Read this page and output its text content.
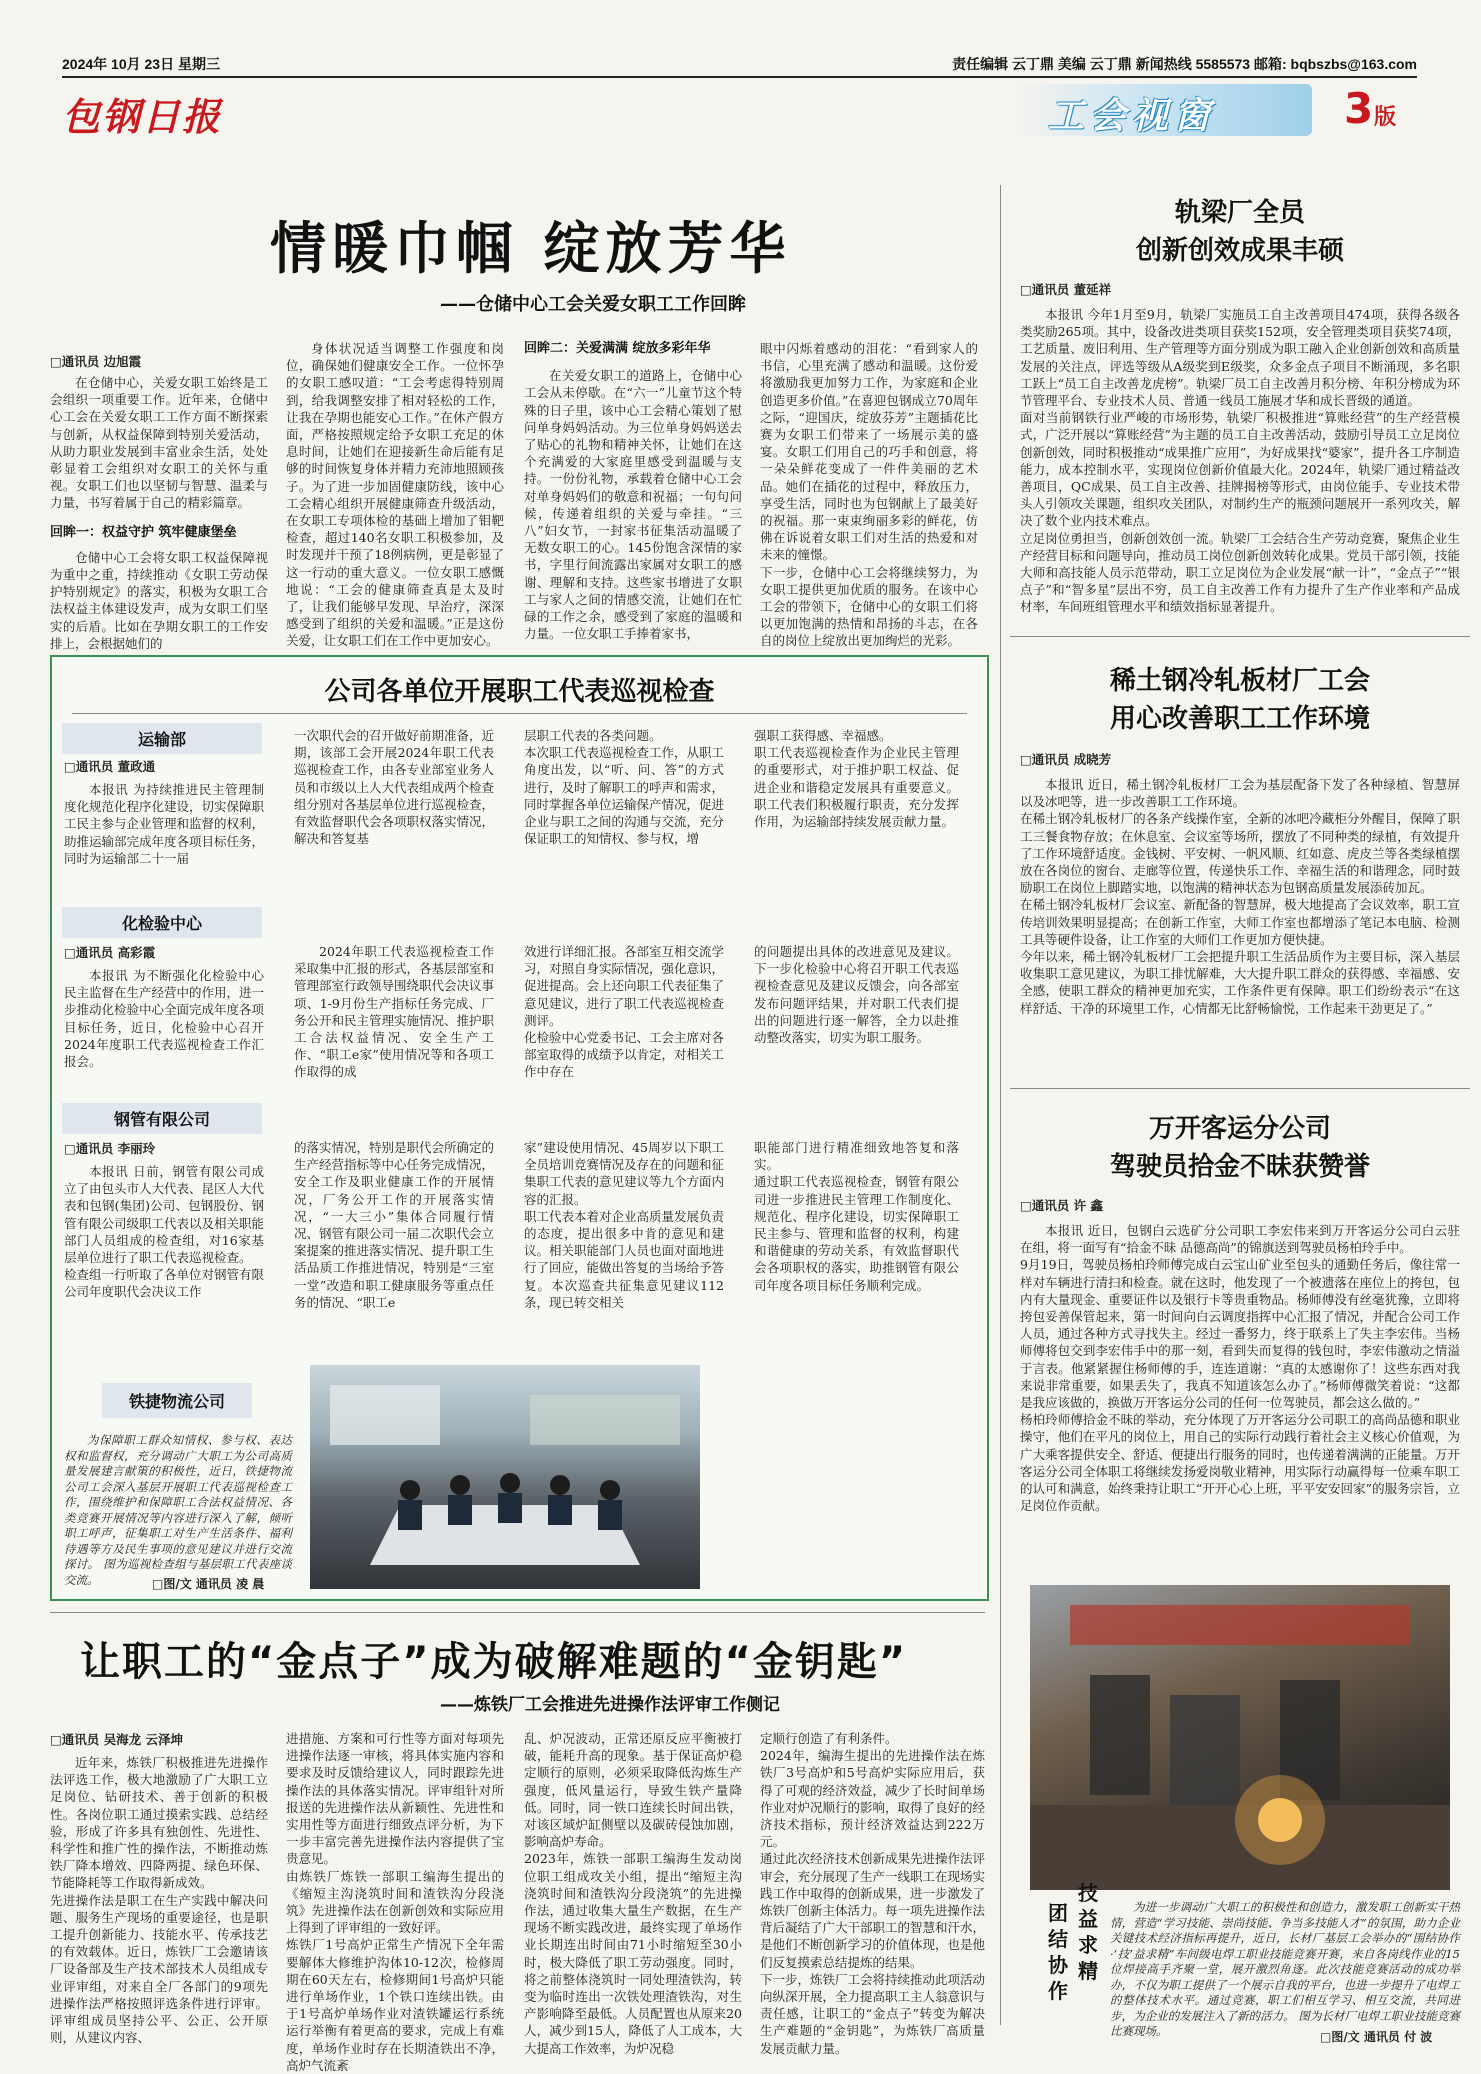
2024年 10月 23日 星期三	责任编辑 云丁鼎 美编 云丁鼎 新闻热线 5585573 邮箱: bqbszbs@163.com
包钢日报	工会视窗	3 版
情暖巾帼 绽放芳华
——仓储中心工会关爱女职工工作回眸
□通讯员 边旭霞

在仓储中心，关爱女职工始终是工会组织一项重要工作。近年来，仓储中心工会在关爱女职工工作方面不断探索与创新，从权益保障到特别关爱活动，从助力职业发展到丰富业余生活，处处彰显着工会组织对女职工的关怀与重视。女职工们也以坚韧与智慧、温柔与力量，书写着属于自己的精彩篇章。

回眸一：权益守护 筑牢健康堡垒

仓储中心工会将女职工权益保障视为重中之重，持续推动《女职工劳动保护特别规定》的落实，积极为女职工合法权益主体建设发声，成为女职工们坚实的后盾。比如在孕期女职工的工作安排上，会根据她们的

身体状况适当调整工作强度和岗位，确保她们健康安全工作。一位怀孕的女职工感叹道：“工会考虑得特别周到，给我调整安排了相对轻松的工作，让我在孕期也能安心工作。”在休产假方面，严格按照规定给予女职工充足的休息时间，让她们在迎接新生命后能有足够的时间恢复身体并精力充沛地照顾孩子。为了进一步加固健康防线，该中心工会精心组织开展健康筛查升级活动，在女职工专项体检的基础上增加了钼靶检查，超过140名女职工积极参加，及时发现并干预了18例病例，更是彰显了这一行动的重大意义。一位女职工感慨地说：“工会的健康筛查真是太及时了，让我们能够早发现、早治疗，深深感受到了组织的关爱和温暖。”正是这份关爱，让女职工们在工作中更加安心。

回眸二：关爱满满 绽放多彩年华

在关爱女职工的道路上，仓储中心工会从未停歇。在“六一”儿童节这个特殊的日子里，该中心工会精心策划了慰问单身妈妈活动。为三位单身妈妈送去了贴心的礼物和精神关怀，让她们在这个充满爱的大家庭里感受到温暖与支持。一份份礼物，承载着仓储中心工会对单身妈妈们的敬意和祝福；一句句问候，传递着组织的关爱与牵挂。“三八”妇女节，一封家书征集活动温暖了无数女职工的心。145份饱含深情的家书，字里行间流露出家属对女职工的感谢、理解和支持。这些家书增进了女职工与家人之间的情感交流，让她们在忙碌的工作之余，感受到了家庭的温暖和力量。一位女职工手捧着家书，

眼中闪烁着感动的泪花：“看到家人的书信，心里充满了感动和温暖。这份爱将激励我更加努力工作，为家庭和企业创造更多价值。”在喜迎包钢成立70周年之际，“迎国庆，绽放芬芳”主题插花比赛为女职工们带来了一场展示美的盛宴。女职工们用自己的巧手和创意，将一朵朵鲜花变成了一件件美丽的艺术品。她们在插花的过程中，释放压力，享受生活，同时也为包钢献上了最美好的祝福。那一束束绚丽多彩的鲜花，仿佛在诉说着女职工们对生活的热爱和对未来的憧憬。
下一步，仓储中心工会将继续努力，为女职工提供更加优质的服务。在该中心工会的带领下，仓储中心的女职工们将以更加饱满的热情和昂扬的斗志，在各自的岗位上绽放出更加绚烂的光彩。

轨梁厂全员
创新创效成果丰硕
□通讯员 董延祥
本报讯 今年1月至9月，轨梁厂实施员工自主改善项目474项，获得各级各类奖励265项。其中，设备改进类项目获奖152项，安全管理类项目获奖74项，工艺质量、废旧利用、生产管理等方面分别成为职工融入企业创新创效和高质量发展的关注点，评选等级从A级奖到E级奖，众多金点子项目不断涌现，多名职工跃上“员工自主改善龙虎榜”。轨梁厂员工自主改善月积分榜、年积分榜成为环节管理平台、专业技术人员、普通一线员工施展才华和成长晋级的通道。
面对当前钢铁行业严峻的市场形势，轨梁厂积极推进“算账经营”的生产经营模式，广泛开展以“算账经营”为主题的员工自主改善活动，鼓励引导员工立足岗位创新创效，同时积极推动“成果推广应用”，为好成果找“婆家”，提升各工序制造能力，成本控制水平，实现岗位创新价值最大化。2024年，轨梁厂通过精益改善项目，QC成果、员工自主改善、挂牌揭榜等形式，由岗位能手、专业技术带头人引领攻关课题，组织攻关团队，对制约生产的瓶颈问题展开一系列攻关，解决了数个业内技术难点。
立足岗位勇担当，创新创效创一流。轨梁厂工会结合生产劳动竞赛，聚焦企业生产经营目标和问题导向，推动员工岗位创新创效转化成果。党员干部引领，技能大师和高技能人员示范带动，职工立足岗位为企业发展“献一计”，“金点子”“银点子”和“智多星”层出不穷，员工自主改善工作有力提升了生产作业率和产品成材率，车间班组管理水平和绩效指标显著提升。
稀土钢冷轧板材厂工会
用心改善职工工作环境
□通讯员 成晓芳
本报讯 近日，稀土钢冷轧板材厂工会为基层配备下发了各种绿植、智慧屏以及冰吧等，进一步改善职工工作环境。
在稀土钢冷轧板材厂的各条产线操作室，全新的冰吧冷藏柜分外醒目，保障了职工三餐食物存放；在休息室、会议室等场所，摆放了不同种类的绿植，有效提升了工作环境舒适度。金钱树、平安树、一帆风顺、红如意、虎皮兰等各类绿植摆放在各岗位的窗台、走廊等位置，传递快乐工作、幸福生活的和谐理念，同时鼓励职工在岗位上脚踏实地，以饱满的精神状态为包钢高质量发展添砖加瓦。
在稀土钢冷轧板材厂会议室、新配备的智慧屏，极大地提高了会议效率，职工宣传培训效果明显提高；在创新工作室，大师工作室也都增添了笔记本电脑、检测工具等硬件设备，让工作室的大师们工作更加方便快捷。
今年以来，稀土钢冷轧板材厂工会把提升职工生活品质作为主要目标，深入基层收集职工意见建议，为职工排忧解难，大大提升职工群众的获得感、幸福感、安全感，使职工群众的精神更加充实，工作条件更有保障。职工们纷纷表示“在这样舒适、干净的环境里工作，心情都无比舒畅愉悦，工作起来干劲更足了。”
万开客运分公司
驾驶员拾金不昧获赞誉
□通讯员 许 鑫
本报讯 近日，包钢白云选矿分公司职工李宏伟来到万开客运分公司白云驻在组，将一面写有“拾金不昧 品德高尚”的锦旗送到驾驶员杨柏玲手中。
9月19日，驾驶员杨柏玲师傅完成白云宝山矿业至包头的通勤任务后，像往常一样对车辆进行清扫和检查。就在这时，他发现了一个被遗落在座位上的挎包，包内有大量现金、重要证件以及银行卡等贵重物品。杨师傅没有丝毫犹豫，立即将挎包妥善保管起来，第一时间向白云调度指挥中心汇报了情况，并配合公司工作人员，通过各种方式寻找失主。经过一番努力，终于联系上了失主李宏伟。当杨师傅将包交到李宏伟手中的那一刻，看到失而复得的钱包时，李宏伟激动之情溢于言表。他紧紧握住杨师傅的手，连连道谢：“真的太感谢你了！这些东西对我来说非常重要，如果丢失了，我真不知道该怎么办了。”杨师傅微笑着说：“这都是我应该做的，换做万开客运分公司的任何一位驾驶员，都会这么做的。”
杨柏玲师傅拾金不昧的举动，充分体现了万开客运分公司职工的高尚品德和职业操守，他们在平凡的岗位上，用自己的实际行动践行着社会主义核心价值观，为广大乘客提供安全、舒适、便捷出行服务的同时，也传递着满满的正能量。万开客运分公司全体职工将继续发扬爱岗敬业精神，用实际行动赢得每一位乘车职工的认可和满意，始终秉持让职工“开开心心上班，平平安安回家”的服务宗旨，立足岗位作贡献。
团结协作
技益求精
为进一步调动广大职工的积极性和创造力，激发职工创新实干热情，营造“学习技能、崇尚技能、争当多技能人才”的氛围，助力企业关键技术经济指标再提升，近日，长材厂基层工会举办的“围结协作·‘技’益求精”车间级电焊工职业技能竞赛开赛，来自各岗线作业的15位焊接高手齐聚一堂，展开激烈角逐。此次技能竞赛活动的成功举办，不仅为职工提供了一个展示自我的平台，也进一步提升了电焊工的整体技术水平。通过竞赛，职工们相互学习、相互交流，共同进步，为企业的发展注入了新的活力。 图为长材厂电焊工职业技能竞赛比赛现场。	□图/文 通讯员 付 波
公司各单位开展职工代表巡视检查
运输部
□通讯员 董政通
本报讯 为持续推进民主管理制度化规范化程序化建设，切实保障职工民主参与企业管理和监督的权利，助推运输部完成年度各项目标任务，同时为运输部二十一届
一次职代会的召开做好前期准备，近期，该部工会开展2024年职工代表巡视检查工作，由各专业部室业务人员和市级以上人大代表组成两个检查组分别对各基层单位进行巡视检查，有效监督职代会各项职权落实情况，解决和答复基
层职工代表的各类问题。
本次职工代表巡视检查工作，从职工角度出发，以“听、问、答”的方式进行，及时了解职工的呼声和需求，同时掌握各单位运输保产情况，促进企业与职工之间的沟通与交流，充分保证职工的知情权、参与权，增
强职工获得感、幸福感。
职工代表巡视检查作为企业民主管理的重要形式，对于推护职工权益、促进企业和谐稳定发展具有重要意义。职工代表们积极履行职责，充分发挥作用，为运输部持续发展贡献力量。
化检验中心
□通讯员 高彩霞
本报讯 为不断强化化检验中心民主监督在生产经营中的作用，进一步推动化检验中心全面完成年度各项目标任务，近日，化检验中心召开2024年度职工代表巡视检查工作汇报会。
2024年职工代表巡视检查工作采取集中汇报的形式，各基层部室和管理部室行政领导围绕职代会决议事项、1-9月份生产指标任务完成、厂务公开和民主管理实施情况、推护职工合法权益情况、安全生产工作、“职工e家”使用情况等和各项工作取得的成
效进行详细汇报。各部室互相交流学习，对照自身实际情况，强化意识，促进提高。会上还向职工代表征集了意见建议，进行了职工代表巡视检查测评。
化检验中心党委书记、工会主席对各部室取得的成绩予以肯定，对相关工作中存在
的问题提出具体的改进意见及建议。下一步化检验中心将召开职工代表巡视检查意见及建议反馈会，向各部室发布问题评结果，并对职工代表们提出的问题进行逐一解答，全力以赴推动整改落实，切实为职工服务。
钢管有限公司
□通讯员 李丽玲
本报讯 日前，钢管有限公司成立了由包头市人大代表、昆区人大代表和包钢(集团)公司、包钢股份、钢管有限公司级职工代表以及相关职能部门人员组成的检查组，对16家基层单位进行了职工代表巡视检查。
检查组一行听取了各单位对钢管有限公司年度职代会决议工作
的落实情况，特别是职代会所确定的生产经营指标等中心任务完成情况，安全工作及职业健康工作的开展情况，厂务公开工作的开展落实情况，“一大三小”集体合同履行情况、钢管有限公司一届二次职代会立案提案的推进落实情况、提升职工生活品质工作推进情况，特别是“三室一堂”改造和职工健康服务等重点任务的情况、“职工e
家”建设使用情况、45周岁以下职工全员培训竞赛情况及存在的问题和征集职工代表的意见建议等九个方面内容的汇报。
职工代表本着对企业高质量发展负责的态度，提出很多中肯的意见和建议。相关职能部门人员也面对面地进行了回应，能做出答复的当场给予答复。本次巡查共征集意见建议112条，现已转交相关
职能部门进行精准细致地答复和落实。
通过职工代表巡视检查，钢管有限公司进一步推进民主管理工作制度化、规范化、程序化建设，切实保障职工民主参与、管理和监督的权利，构建和谐健康的劳动关系，有效监督职代会各项职权的落实，助推钢管有限公司年度各项目标任务顺利完成。
铁捷物流公司
为保障职工群众知情权、参与权、表达权和监督权，充分调动广大职工为公司高质量发展建言献策的积极性，近日，铁捷物流公司工会深入基层开展职工代表巡视检查工作，围绕维护和保障职工合法权益情况、各类竞赛开展情况等内容进行深入了解，倾听职工呼声，征集职工对生产生活条件、福利待遇等方及民生事项的意见建议并进行交流探讨。 图为巡视检查组与基层职工代表座谈交流。	□图/文 通讯员 凌 晨
让职工的“金点子”成为破解难题的“金钥匙”
——炼铁厂工会推进先进操作法评审工作侧记
□通讯员 吴海龙 云泽坤
近年来，炼铁厂积极推进先进操作法评选工作，极大地激励了广大职工立足岗位、钻研技术、善于创新的积极性。各岗位职工通过摸索实践、总结经验，形成了许多具有独创性、先进性、科学性和推广性的操作法，不断推动炼铁厂降本增效、四降两提、绿色环保、节能降耗等工作取得新成效。
先进操作法是职工在生产实践中解决问题、服务生产现场的重要途径，也是职工提升创新能力、技能水平、传承技艺的有效载体。近日，炼铁厂工会邀请该厂设备部及生产技术部技术人员组成专业评审组，对来自全厂各部门的9项先进操作法严格按照评选条件进行评审。评审组成员坚持公平、公正、公开原则，从建议内容、
进措施、方案和可行性等方面对每项先进操作法逐一审核，将具体实施内容和要求及时反馈给建议人，同时跟踪先进操作法的具体落实情况。评审组针对所报送的先进操作法从新颖性、先进性和实用性等方面进行细致点评分析，为下一步丰富完善先进操作法内容提供了宝贵意见。
由炼铁厂炼铁一部职工编海生提出的《缩短主沟浇筑时间和渣铁沟分段浇筑》先进操作法在创新创效和实际应用上得到了评审组的一致好评。
炼铁厂1号高炉正常生产情况下全年需要解体大修维护沟体10-12次，检修周期在60天左右，检修期间1号高炉只能进行单场作业，1个铁口连续出铁。由于1号高炉单场作业对渣铁罐运行系统运行举衡有着更高的要求，完成上有难度，单场作业时存在长期渣铁出不净，高炉气流紊
乱、炉况波动，正常还原反应平衡被打破，能耗升高的现象。基于保证高炉稳定顺行的原则，必须采取降低沟炼生产强度，低风量运行，导致生铁产量降低。同时，同一铁口连续长时间出铁，对该区域炉缸侧壁以及碳砖侵蚀加剧，影响高炉寿命。
2023年，炼铁一部职工编海生发动岗位职工组成攻关小组，提出“缩短主沟浇筑时间和渣铁沟分段浇筑”的先进操作法，通过收集大量生产数据，在生产现场不断实践改进，最终实现了单场作业长期连出时间由71小时缩短至30小时，极大降低了职工劳动强度。同时，将之前整体浇筑时一同处理渣铁沟，转变为临时连出一次铁处理渣铁沟，对生产影响降至最低。人员配置也从原来20人，减少到15人，降低了人工成本，大大提高工作效率，为炉况稳
定顺行创造了有利条件。
2024年，编海生提出的先进操作法在炼铁厂3号高炉和5号高炉实际应用后，获得了可观的经济效益，减少了长时间单场作业对炉况顺行的影响，取得了良好的经济技术指标，预计经济效益达到222万元。
通过此次经济技术创新成果先进操作法评审会，充分展现了生产一线职工在现场实践工作中取得的创新成果，进一步激发了炼铁厂创新主体活力。每一项先进操作法背后凝结了广大干部职工的智慧和汗水，是他们不断创新学习的价值体现，也是他们反复摸索总结提炼的结果。
下一步，炼铁厂工会将持续推动此项活动向纵深开展，全力提高职工主人翁意识与责任感，让职工的“金点子”转变为解决生产难题的“金钥匙”，为炼铁厂高质量发展贡献力量。
